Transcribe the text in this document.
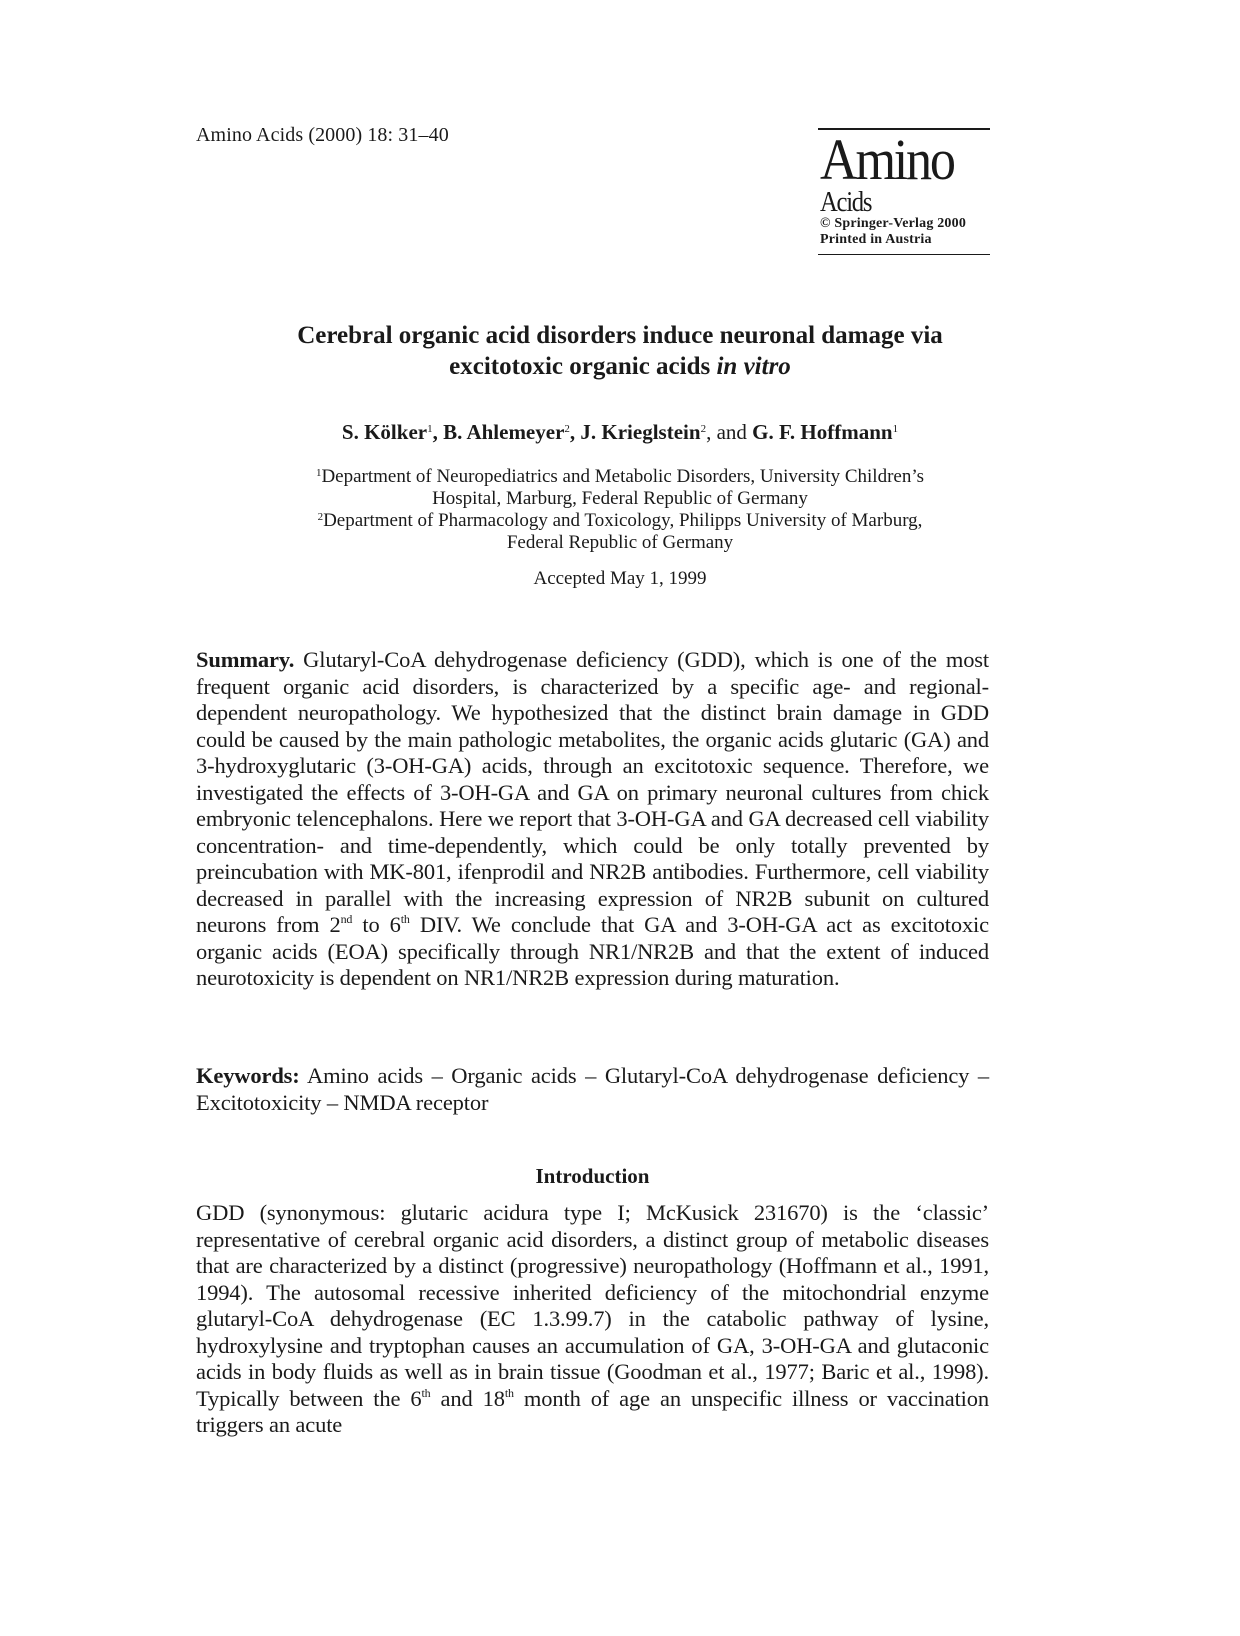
Amino Acids (2000) 18: 31–40	Amino
Acids
© Springer-Verlag 2000
Printed in Austria
Cerebral organic acid disorders induce neuronal damage via
excitotoxic organic acids in vitro
S. Kölker$^1$, B. Ahlemeyer$^2$, J. Krieglstein$^2$, and G. F. Hoffmann$^1$
$^1$Department of Neuropediatrics and Metabolic Disorders, University Children’s
Hospital, Marburg, Federal Republic of Germany
$^2$Department of Pharmacology and Toxicology, Philipps University of Marburg,
Federal Republic of Germany
Accepted May 1, 1999
Summary. Glutaryl-CoA dehydrogenase deficiency (GDD), which is one of the most frequent organic acid disorders, is characterized by a specific age- and regional-dependent neuropathology. We hypothesized that the distinct brain damage in GDD could be caused by the main pathologic metabolites, the organic acids glutaric (GA) and 3-hydroxyglutaric (3-OH-GA) acids, through an excitotoxic sequence. Therefore, we investigated the effects of 3-OH-GA and GA on primary neuronal cultures from chick embryonic telencephalons. Here we report that 3-OH-GA and GA decreased cell viability concentration- and time-dependently, which could be only totally prevented by preincubation with MK-801, ifenprodil and NR2B antibodies. Furthermore, cell viability decreased in parallel with the increasing expression of NR2B subunit on cultured neurons from 2nd to 6th DIV. We conclude that GA and 3-OH-GA act as excitotoxic organic acids (EOA) specifically through NR1/NR2B and that the extent of induced neurotoxicity is dependent on NR1/NR2B expression during maturation.
Keywords: Amino acids – Organic acids – Glutaryl-CoA dehydrogenase deficiency – Excitotoxicity – NMDA receptor
Introduction
GDD (synonymous: glutaric acidura type I; McKusick 231670) is the ‘classic’ representative of cerebral organic acid disorders, a distinct group of metabolic diseases that are characterized by a distinct (progressive) neuropathology (Hoffmann et al., 1991, 1994). The autosomal recessive inherited deficiency of the mitochondrial enzyme glutaryl-CoA dehydrogenase (EC 1.3.99.7) in the catabolic pathway of lysine, hydroxylysine and tryptophan causes an accumulation of GA, 3-OH-GA and glutaconic acids in body fluids as well as in brain tissue (Goodman et al., 1977; Baric et al., 1998). Typically between the 6th and 18th month of age an unspecific illness or vaccination triggers an acute
